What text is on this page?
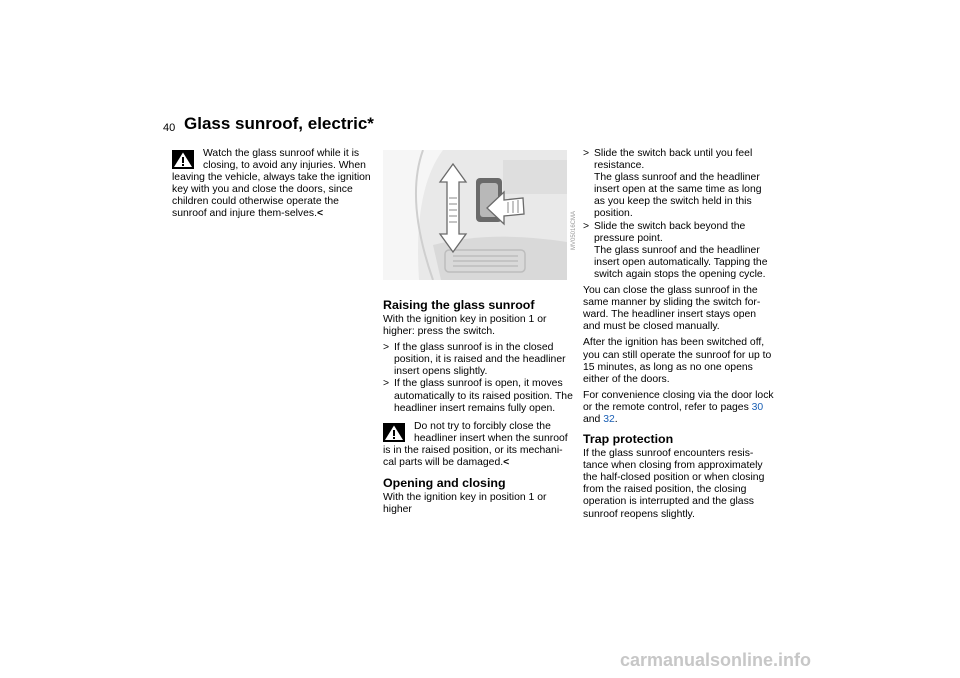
40 Glass sunroof, electric*
Watch the glass sunroof while it is closing, to avoid any injuries. When leaving the vehicle, always take the ignition key with you and close the doors, since children could otherwise operate the sunroof and injure them-selves.<	MV05016CMA
Raising the glass sunroof

With the ignition key in position 1 or higher: press the switch.

> If the glass sunroof is in the closed position, it is raised and the headliner insert opens slightly.
> If the glass sunroof is open, it moves automatically to its raised position. The headliner insert remains fully open.
Do not try to forcibly close the headliner insert when the sunroof is in the raised position, or its mechani-cal parts will be damaged.<
Opening and closing

With the ignition key in position 1 or higher

> Slide the switch back until you feel resistance.
The glass sunroof and the headliner insert open at the same time as long as you keep the switch held in this position.
> Slide the switch back beyond the pressure point.
The glass sunroof and the headliner insert open automatically. Tapping the switch again stops the opening cycle.

You can close the glass sunroof in the same manner by sliding the switch for-ward. The headliner insert stays open and must be closed manually.

After the ignition has been switched off, you can still operate the sunroof for up to 15 minutes, as long as no one opens either of the doors.

For convenience closing via the door lock or the remote control, refer to pages 30 and 32.

Trap protection

If the glass sunroof encounters resis-tance when closing from approximately the half-closed position or when closing from the raised position, the closing operation is interrupted and the glass sunroof reopens slightly.

carmanualsonline.info
